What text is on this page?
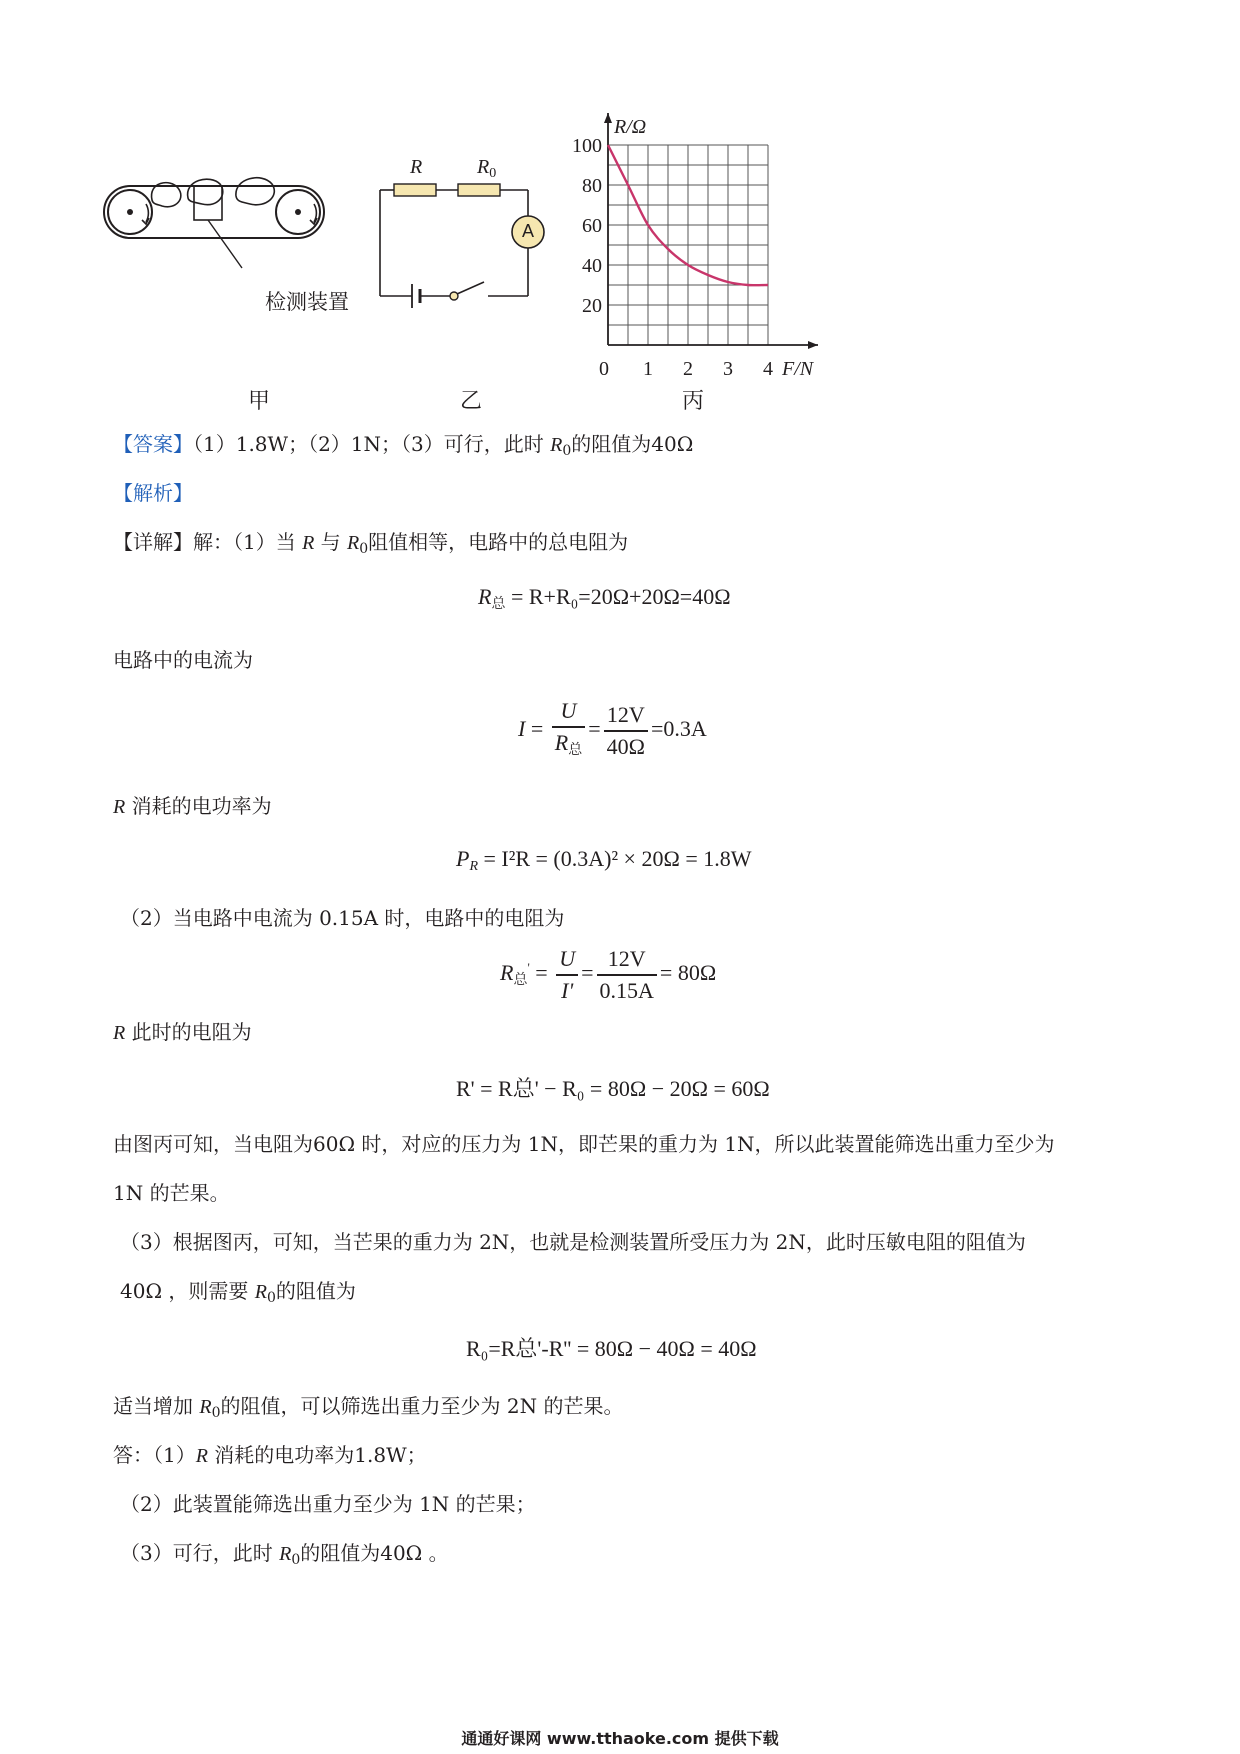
检测装置
甲
R	$R_0$
A
乙
R/Ω
F/N
100
80
60
40
20
0 1 2 3 4
丙
【答案】（1）1.8W；（2）1N；（3）可行，此时 $R_0$的阻值为40Ω
【解析】
【详解】解：（1）当 R 与 $R_0$阻值相等，电路中的总电阻为
$R_总 = R+R_0=20\Omega+20\Omega=40\Omega$
电路中的电流为
$I = \frac{U}{R_总} = \frac{12V}{40\Omega} =0.3A$
R 消耗的电功率为
$P_R = I^2R = (0.3A)^2 \times 20\Omega = 1.8W$
（2）当电路中电流为 0.15A 时，电路中的电阻为
$R_总' = \frac{U}{I'} = \frac{12V}{0.15A} = 80\Omega$
R 此时的电阻为
R' = R总' − R₀ = 80Ω − 20Ω = 60Ω
由图丙可知，当电阻为60Ω 时，对应的压力为 1N，即芒果的重力为 1N，所以此装置能筛选出重力至少为
1N 的芒果。
（3）根据图丙，可知，当芒果的重力为 2N，也就是检测装置所受压力为 2N，此时压敏电阻的阻值为
40Ω ，则需要 $R_0$的阻值为
R₀=R总'-R'' = 80Ω − 40Ω = 40Ω
适当增加 $R_0$的阻值，可以筛选出重力至少为 2N 的芒果。
答：（1）R 消耗的电功率为1.8W；
（2）此装置能筛选出重力至少为 1N 的芒果；
（3）可行，此时 $R_0$的阻值为40Ω 。
通通好课网 www.tthaoke.com 提供下载
